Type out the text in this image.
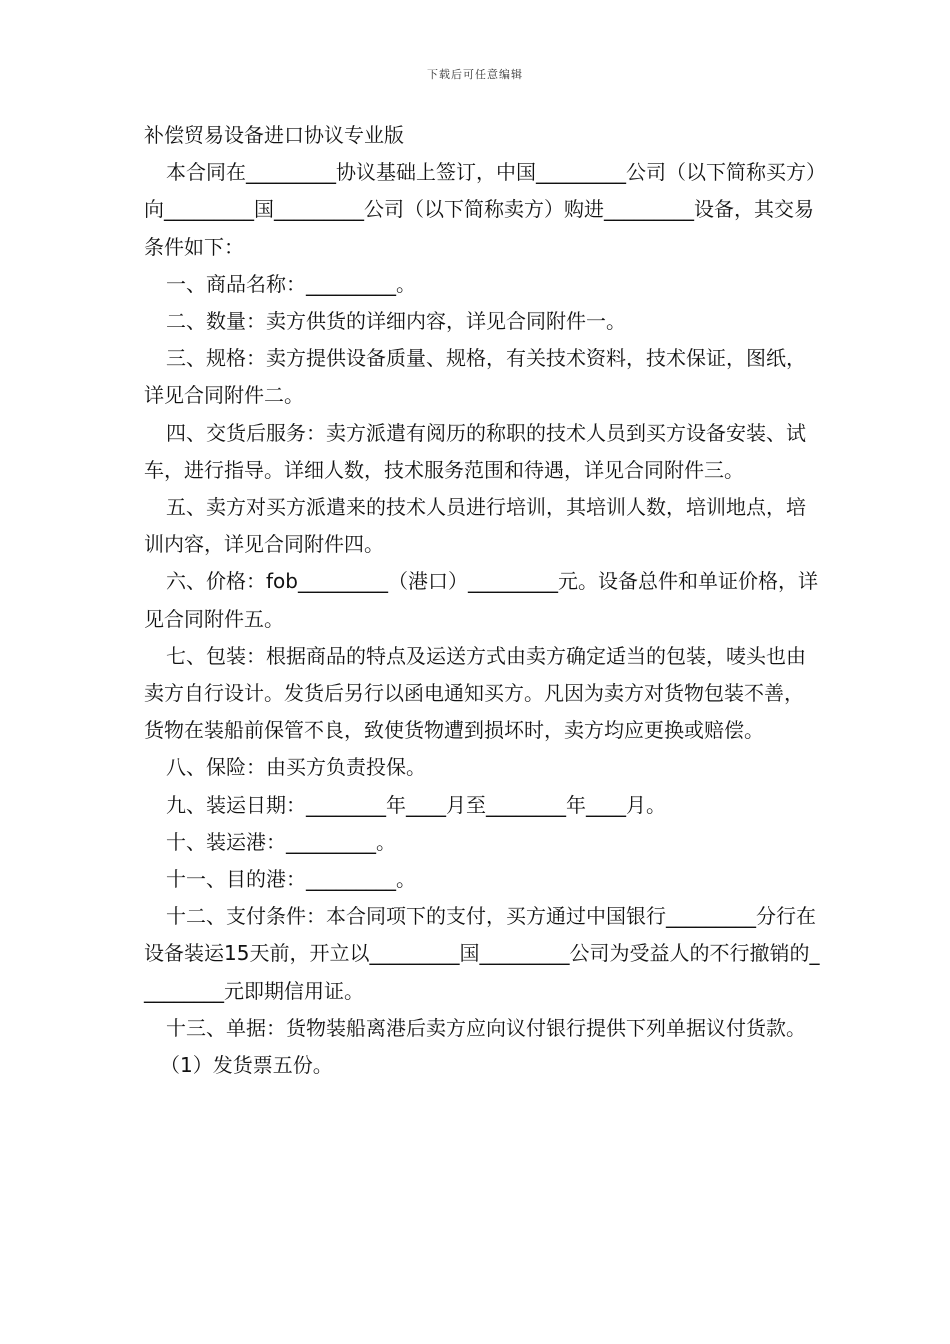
下载后可任意编辑

补偿贸易设备进口协议专业版

本合同在_________协议基础上签订，中国_________公司（以下简称买方）向_________国_________公司（以下简称卖方）购进_________设备，其交易条件如下：

一、商品名称：_________。

二、数量：卖方供货的详细内容，详见合同附件一。

三、规格：卖方提供设备质量、规格，有关技术资料，技术保证，图纸，详见合同附件二。

四、交货后服务：卖方派遣有阅历的称职的技术人员到买方设备安装、试车，进行指导。详细人数，技术服务范围和待遇，详见合同附件三。

五、卖方对买方派遣来的技术人员进行培训，其培训人数，培训地点，培训内容，详见合同附件四。

六、价格：fob_________（港口）_________元。设备总件和单证价格，详见合同附件五。

七、包装：根据商品的特点及运送方式由卖方确定适当的包装，唛头也由卖方自行设计。发货后另行以函电通知买方。凡因为卖方对货物包装不善，货物在装船前保管不良，致使货物遭到损坏时，卖方均应更换或赔偿。

八、保险：由买方负责投保。

九、装运日期：________年____月至________年____月。

十、装运港：_________。

十一、目的港：_________。

十二、支付条件：本合同项下的支付，买方通过中国银行_________分行在设备装运15天前，开立以_________国_________公司为受益人的不行撤销的_________元即期信用证。

十三、单据：货物装船离港后卖方应向议付银行提供下列单据议付货款。

（1）发货票五份。
